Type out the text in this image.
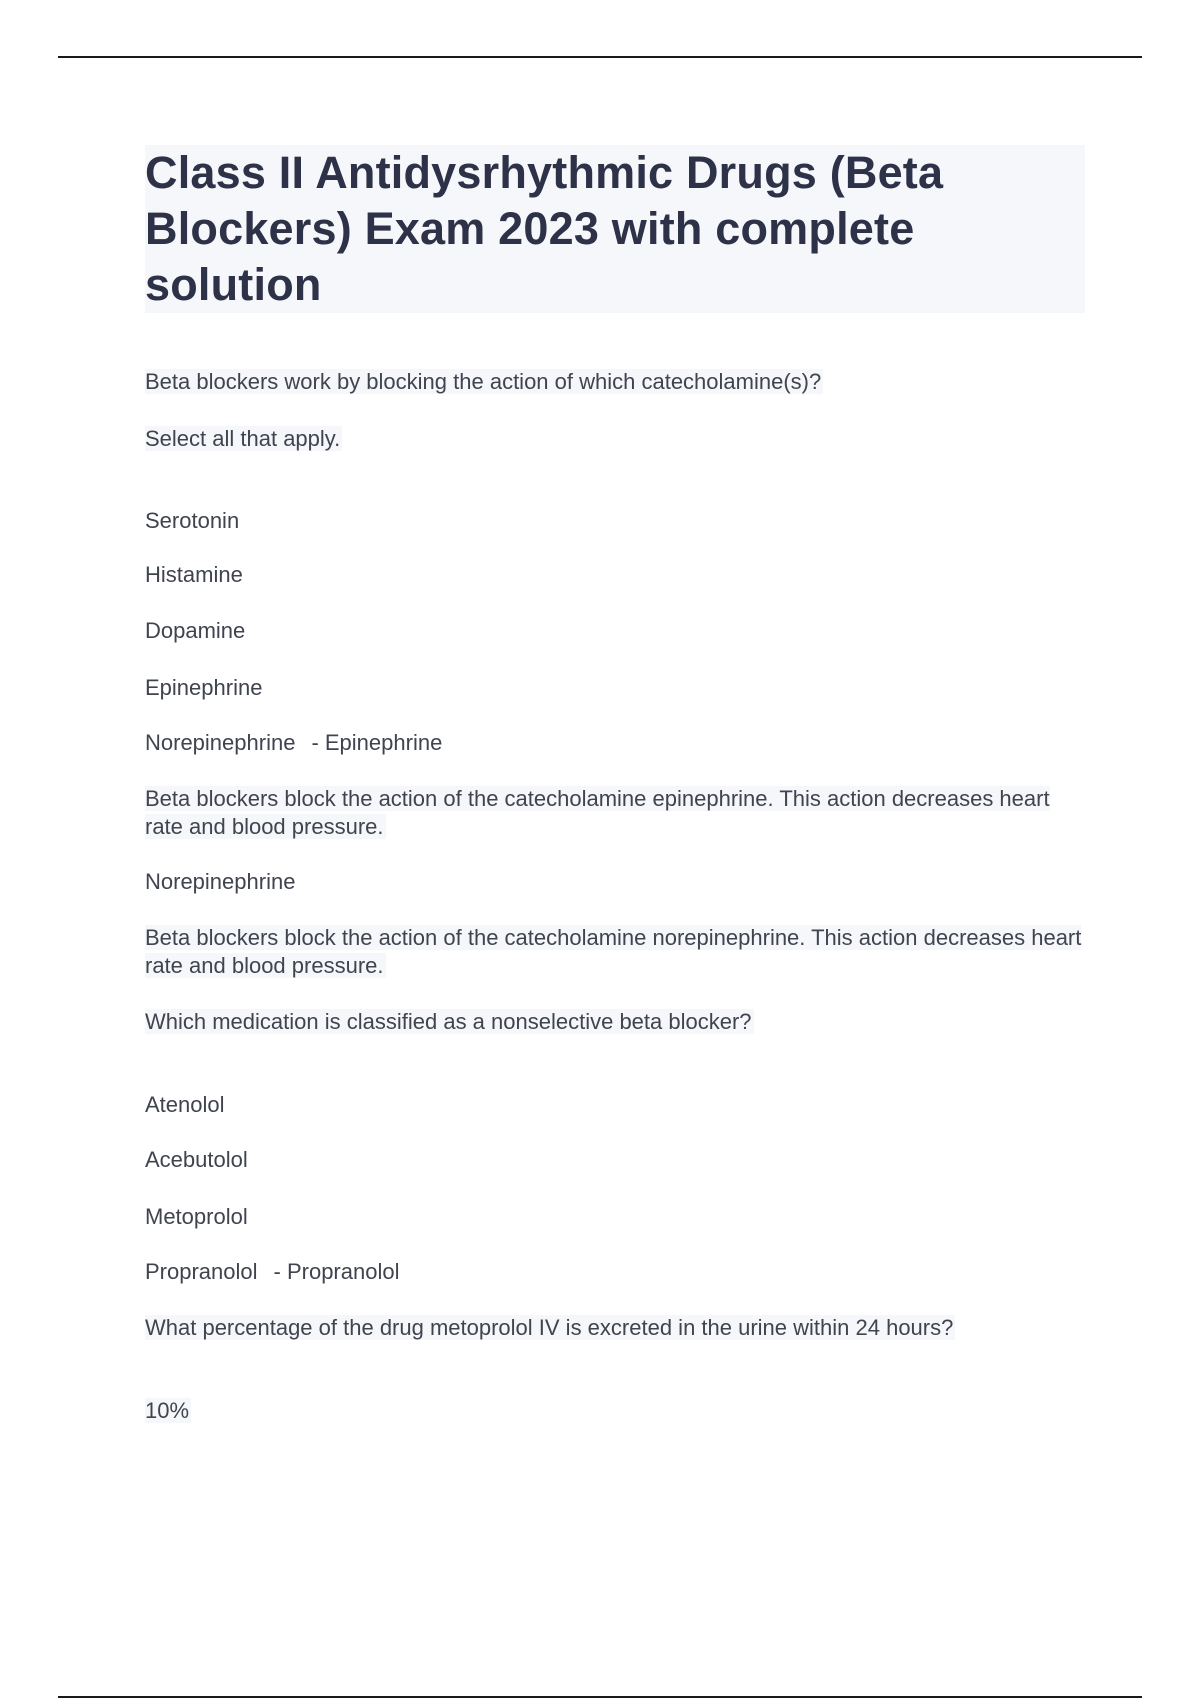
Class II Antidysrhythmic Drugs (Beta Blockers) Exam 2023 with complete solution
Beta blockers work by blocking the action of which catecholamine(s)?
Select all that apply.
Serotonin
Histamine
Dopamine
Epinephrine
Norepinephrine - Epinephrine
Beta blockers block the action of the catecholamine epinephrine. This action decreases heart rate and blood pressure.
Norepinephrine
Beta blockers block the action of the catecholamine norepinephrine. This action decreases heart rate and blood pressure.
Which medication is classified as a nonselective beta blocker?
Atenolol
Acebutolol
Metoprolol
Propranolol - Propranolol
What percentage of the drug metoprolol IV is excreted in the urine within 24 hours?
10%
